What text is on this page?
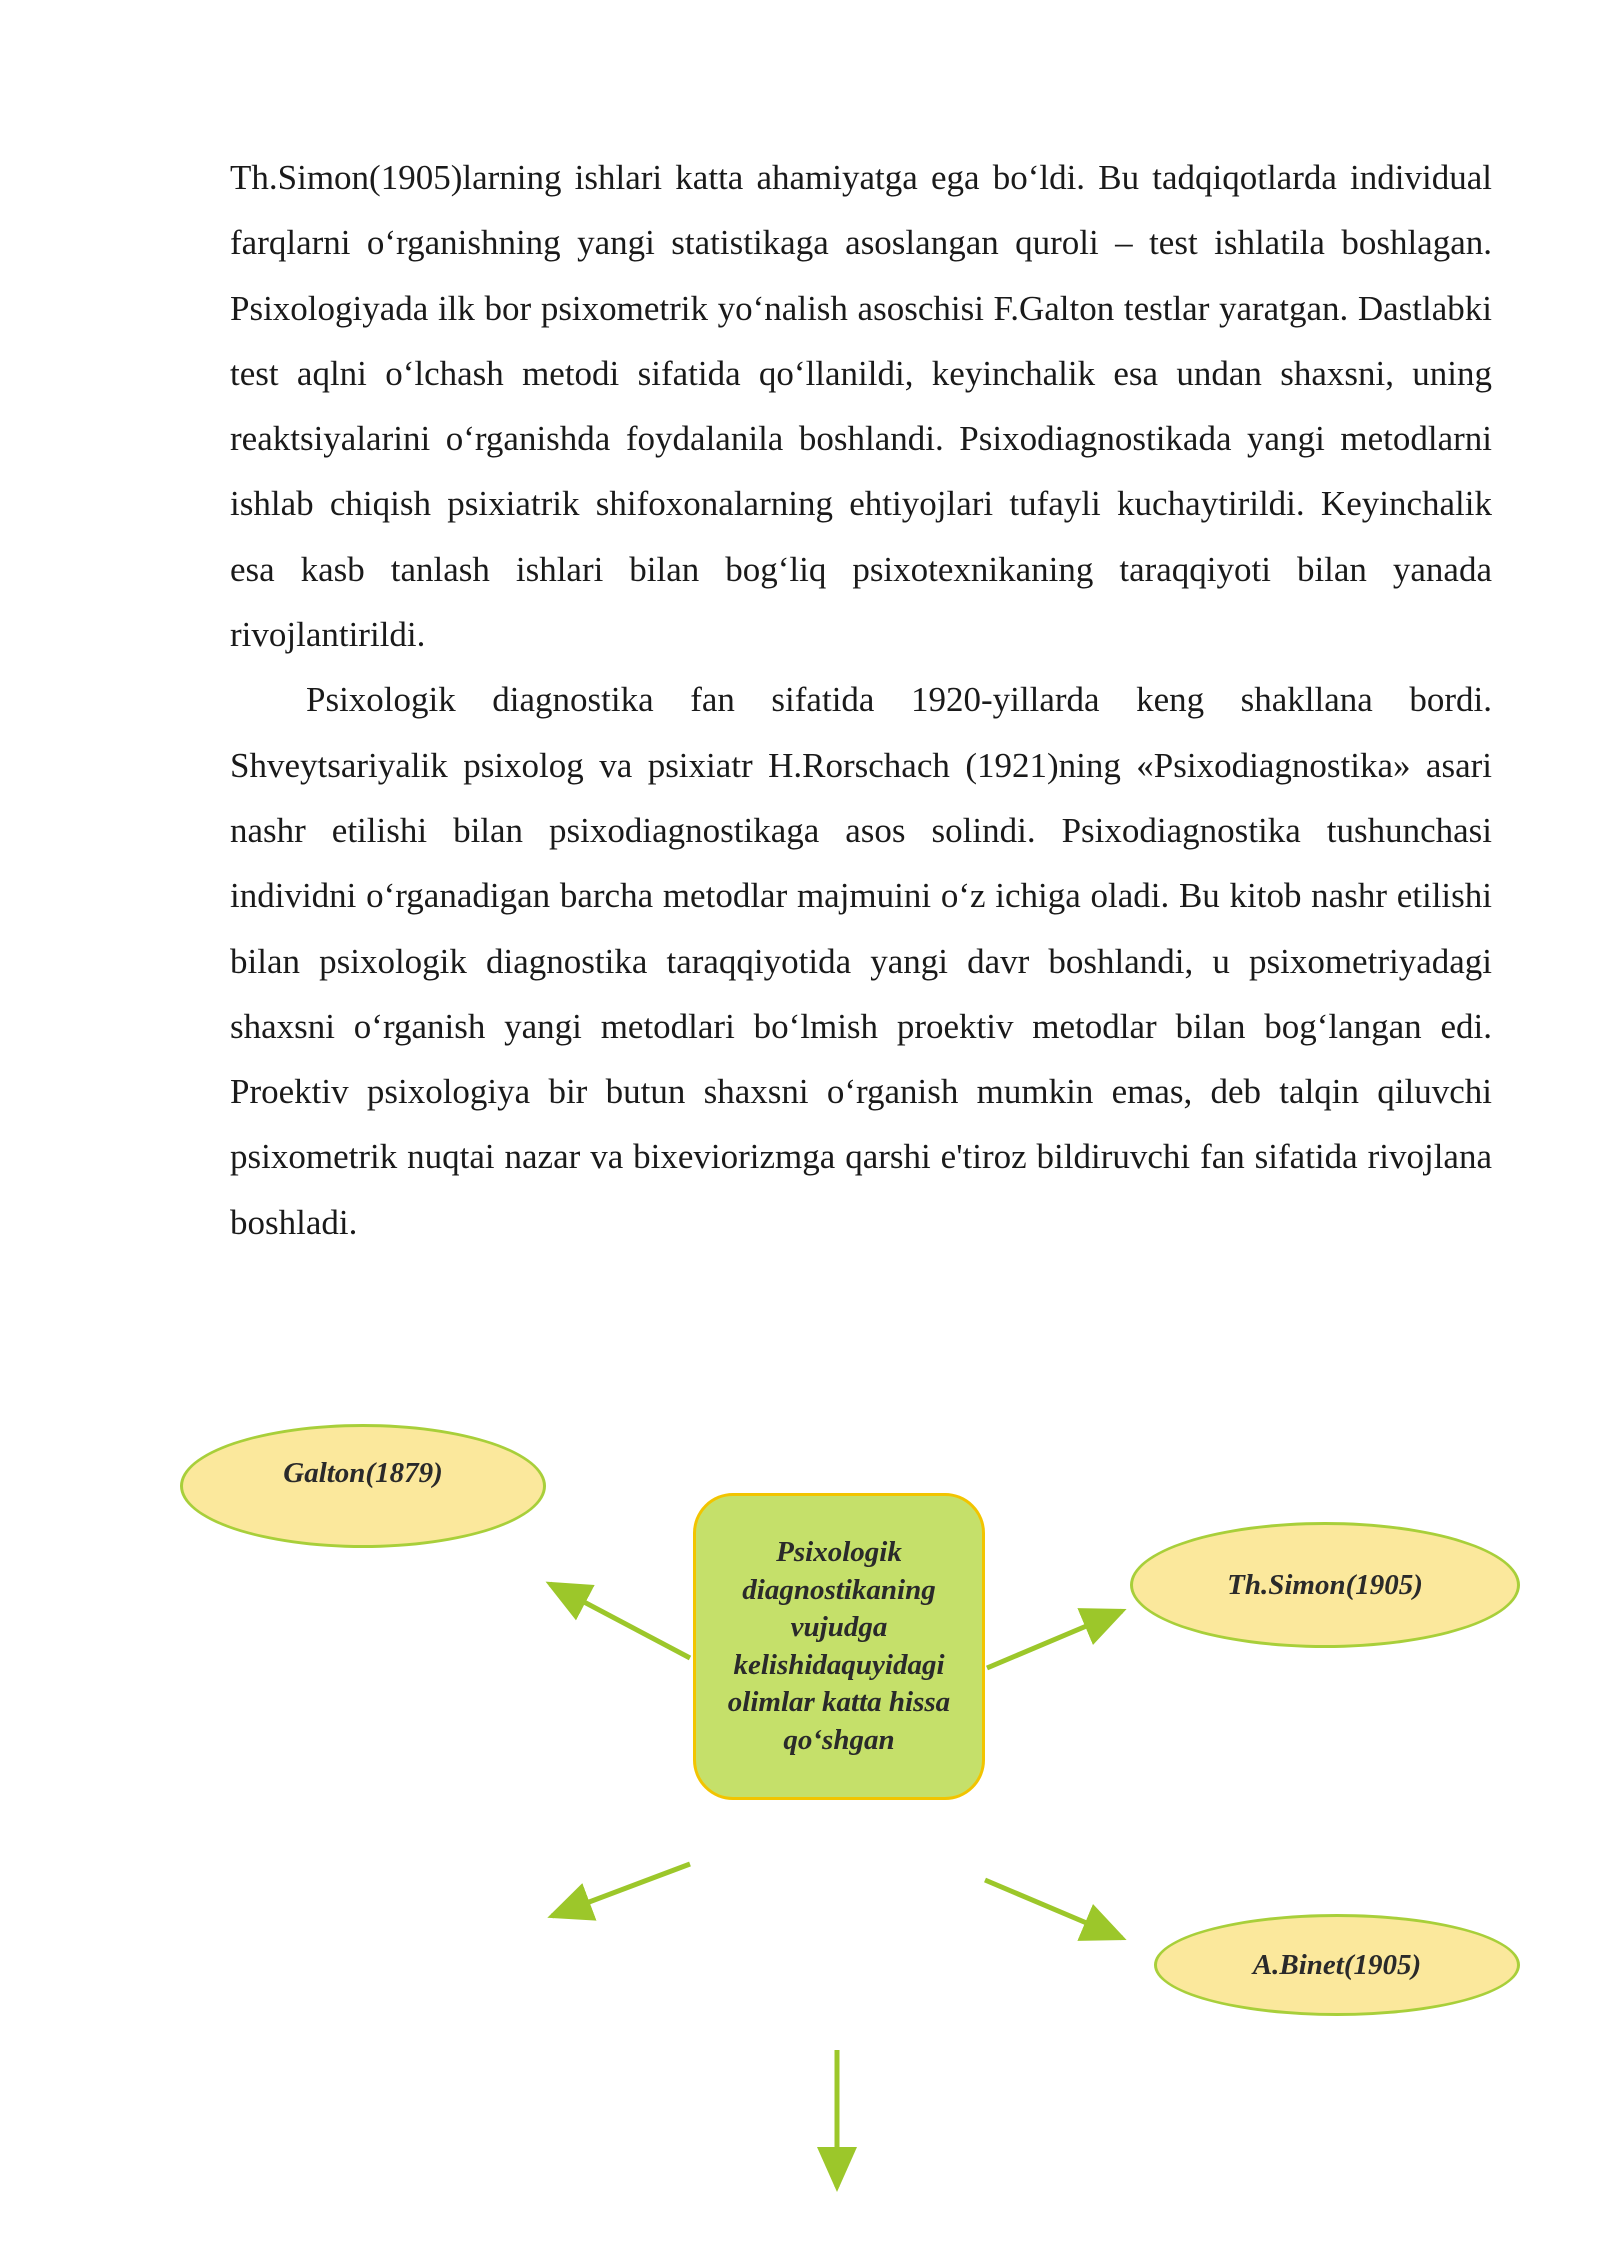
Th.Simon(1905)larning ishlari katta ahamiyatga ega bo‘ldi. Bu tadqiqotlarda individual farqlarni o‘rganishning yangi statistikaga asoslangan quroli – test ishlatila boshlagan. Psixologiyada ilk bor psixometrik yo‘nalish asoschisi F.Galton testlar yaratgan. Dastlabki test aqlni o‘lchash metodi sifatida qo‘llanildi, keyinchalik esa undan shaxsni, uning reaktsiyalarini o‘rganishda foydalanila boshlandi. Psixodiagnostikada yangi metodlarni ishlab chiqish psixiatrik shifoxonalarning ehtiyojlari tufayli kuchaytirildi. Keyinchalik esa kasb tanlash ishlari bilan bog‘liq psixotexnikaning taraqqiyoti bilan yanada rivojlantirildi.

Psixologik diagnostika fan sifatida 1920-yillarda keng shakllana bordi. Shveytsariyalik psixolog va psixiatr H.Rorschach (1921)ning «Psixodiagnostika» asari nashr etilishi bilan psixodiagnostikaga asos solindi. Psixodiagnostika tushunchasi individni o‘rganadigan barcha metodlar majmuini o‘z ichiga oladi. Bu kitob nashr etilishi bilan psixologik diagnostika taraqqiyotida yangi davr boshlandi, u psixometriyadagi shaxsni o‘rganish yangi metodlari bo‘lmish proektiv metodlar bilan bog‘langan edi. Proektiv psixologiya bir butun shaxsni o‘rganish mumkin emas, deb talqin qiluvchi psixometrik nuqtai nazar va bixeviorizmga qarshi e'tiroz bildiruvchi fan sifatida rivojlana boshladi.

Galton(1879)
Psixologik diagnostikaning vujudga kelishidaquyidagi olimlar katta hissa qo‘shgan
Th.Simon(1905)
A.Binet(1905)
